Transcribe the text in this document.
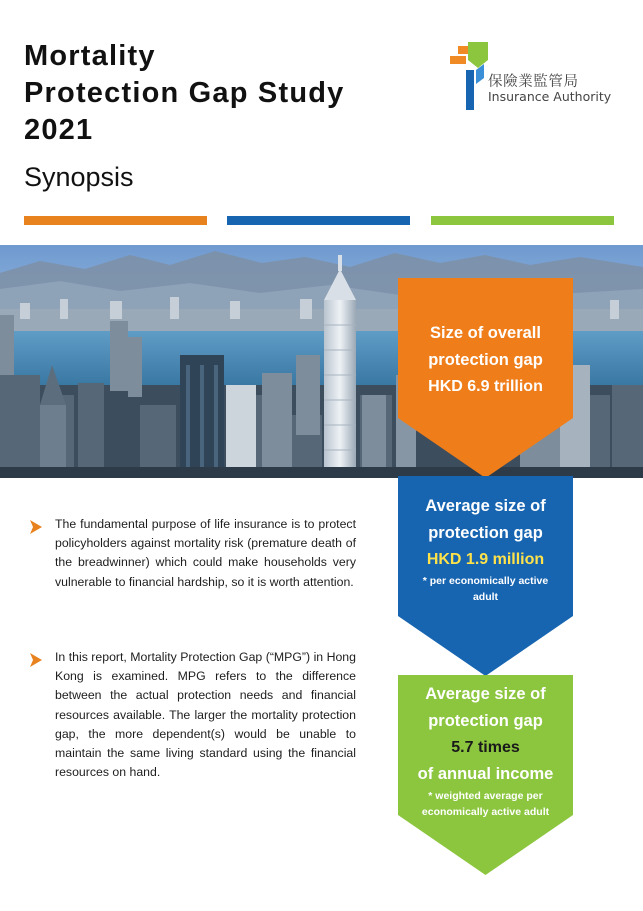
Mortality
Protection Gap Study
2021
Synopsis
保險業監管局
Insurance Authority
Size of overall
protection gap
HKD 6.9 trillion
Average size of
protection gap
HKD 1.9 million
* per economically active adult
Average size of
protection gap
5.7 times
of annual income
* weighted average per economically active adult

The fundamental purpose of life insurance is to protect policyholders against mortality risk (premature death of the breadwinner) which could make households very vulnerable to financial hardship, so it is worth attention.

In this report, Mortality Protection Gap (“MPG”) in Hong Kong is examined. MPG refers to the difference between the actual protection needs and financial resources available. The larger the mortality protection gap, the more dependent(s) would be unable to maintain the same living standard using the financial resources on hand.
